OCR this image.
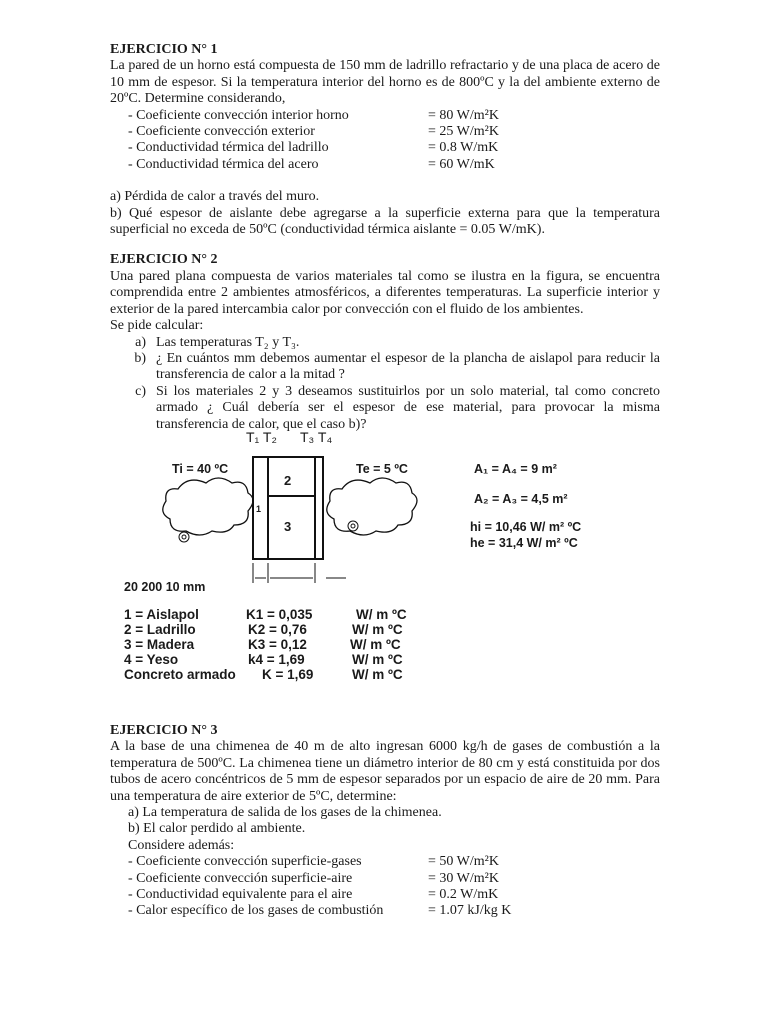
EJERCICIO N° 1

La pared de un horno está compuesta de 150 mm de ladrillo refractario y de una placa de acero de 10 mm de espesor. Si la temperatura interior del horno es de 800ºC y la del ambiente externo de 20ºC. Determine considerando,

- Coeficiente convección interior horno	= 80 W/m²K
- Coeficiente convección exterior	= 25 W/m²K
- Conductividad térmica del ladrillo	= 0.8 W/mK
- Conductividad térmica del acero	= 60 W/mK

a) Pérdida de calor a través del muro.

b) Qué espesor de aislante debe agregarse a la superficie externa para que la temperatura superficial no exceda de 50ºC (conductividad térmica aislante = 0.05 W/mK).

EJERCICIO N° 2

Una pared plana compuesta de varios materiales tal como se ilustra en la figura, se encuentra comprendida entre 2 ambientes atmosféricos, a diferentes temperaturas. La superficie interior y exterior de la pared intercambia calor por convección con el fluido de los ambientes.

Se pide calcular:

a) Las temperaturas T₂ y T₃.
b) ¿ En cuántos mm debemos aumentar el espesor de la plancha de aislapol para reducir la transferencia de calor a la mitad ?
c) Si los materiales 2 y 3 deseamos sustituirlos por un solo material, tal como concreto armado ¿ Cuál debería ser el espesor de ese material, para provocar la misma transferencia de calor, que el caso b)?
T₁ T₂ T₃ T₄
Ti = 40 ºC	Te = 5 ºC
2
3
1
A₁ = A₄ = 9 m²
A₂ = A₃ = 4,5 m²
hi = 10,46 W/ m² ºC
he = 31,4 W/ m² ºC
20 200 10 mm
1 = Aislapol	K1 = 0,035	W/ m ºC
2 = Ladrillo	K2 = 0,76	W/ m ºC
3 = Madera	K3 = 0,12	W/ m ºC
4 = Yeso	k4 = 1,69	W/ m ºC
Concreto armado K = 1,69	W/ m ºC

EJERCICIO N° 3

A la base de una chimenea de 40 m de alto ingresan 6000 kg/h de gases de combustión a la temperatura de 500ºC. La chimenea tiene un diámetro interior de 80 cm y está constituida por dos tubos de acero concéntricos de 5 mm de espesor separados por un espacio de aire de 20 mm. Para una temperatura de aire exterior de 5ºC, determine:

a) La temperatura de salida de los gases de la chimenea.

b) El calor perdido al ambiente.

Considere además:

- Coeficiente convección superficie-gases	= 50 W/m²K
- Coeficiente convección superficie-aire	= 30 W/m²K
- Conductividad equivalente para el aire	= 0.2 W/mK
- Calor específico de los gases de combustión	= 1.07 kJ/kg K
